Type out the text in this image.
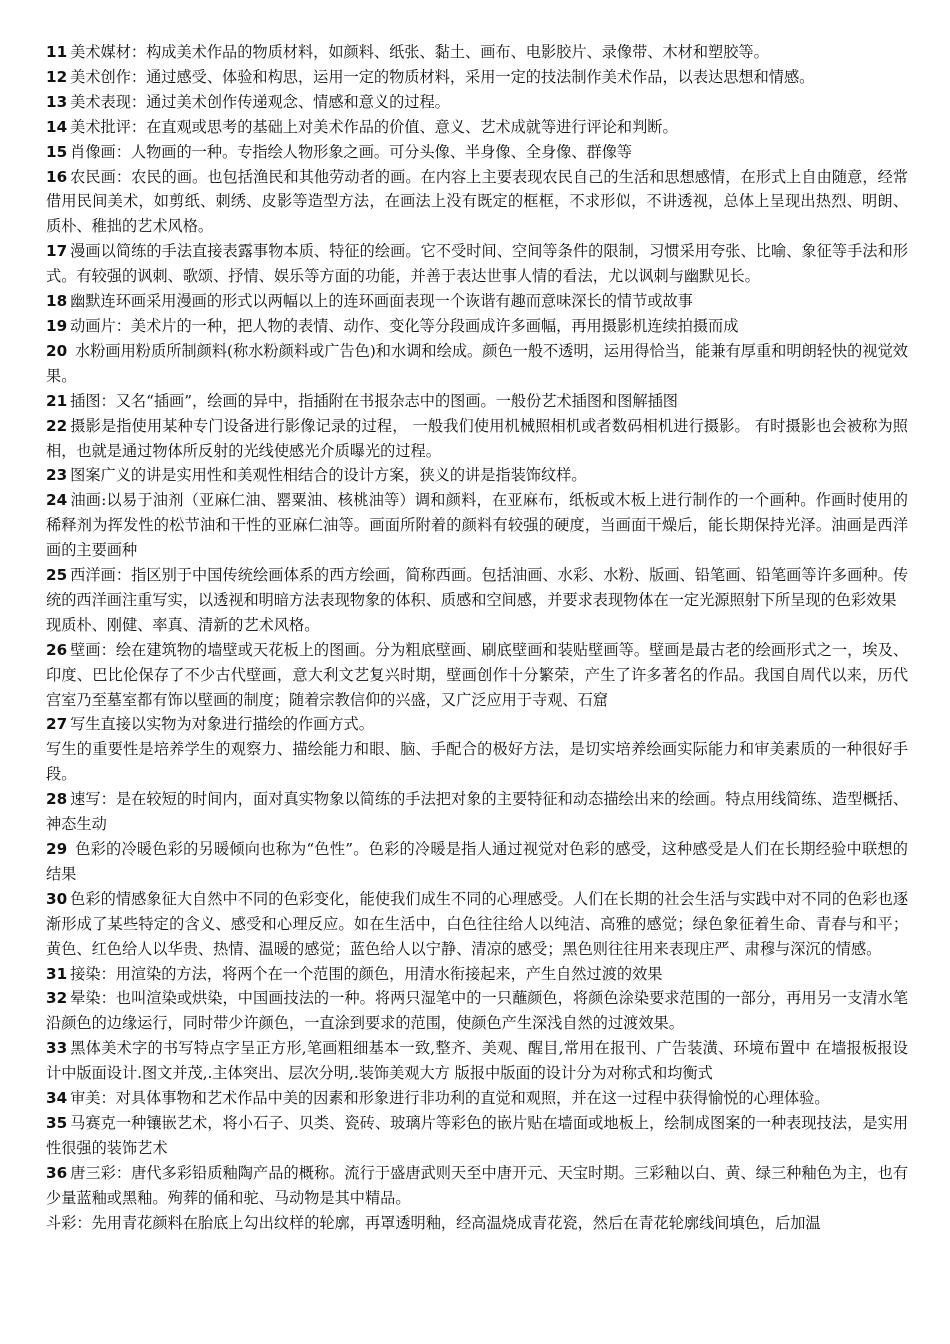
11 美术媒材：构成美术作品的物质材料，如颜料、纸张、黏土、画布、电影胶片、录像带、木材和塑胶等。

12 美术创作：通过感受、体验和构思，运用一定的物质材料，采用一定的技法制作美术作品，以表达思想和情感。

13 美术表现：通过美术创作传递观念、情感和意义的过程。

14 美术批评：在直观或思考的基础上对美术作品的价值、意义、艺术成就等进行评论和判断。

15 肖像画：人物画的一种。专指绘人物形象之画。可分头像、半身像、全身像、群像等

16 农民画：农民的画。也包括渔民和其他劳动者的画。在内容上主要表现农民自己的生活和思想感情，在形式上自由随意，经常借用民间美术，如剪纸、刺绣、皮影等造型方法，在画法上没有既定的框框，不求形似，不讲透视，总体上呈现出热烈、明朗、质朴、稚拙的艺术风格。

17 漫画以简练的手法直接表露事物本质、特征的绘画。它不受时间、空间等条件的限制，习惯采用夸张、比喻、象征等手法和形式。有较强的讽刺、歌颂、抒情、娱乐等方面的功能，并善于表达世事人情的看法，尤以讽刺与幽默见长。

18 幽默连环画采用漫画的形式以两幅以上的连环画面表现一个诙谐有趣而意味深长的情节或故事

19 动画片：美术片的一种，把人物的表情、动作、变化等分段画成许多画幅，再用摄影机连续拍摄而成

20 水粉画用粉质所制颜料(称水粉颜料或广告色)和水调和绘成。颜色一般不透明，运用得恰当，能兼有厚重和明朗轻快的视觉效果。

21 插图：又名“插画”，绘画的异中，指插附在书报杂志中的图画。一般份艺术插图和图解插图

22 摄影是指使用某种专门设备进行影像记录的过程， 一般我们使用机械照相机或者数码相机进行摄影。 有时摄影也会被称为照相，也就是通过物体所反射的光线使感光介质曝光的过程。

23 图案广义的讲是实用性和美观性相结合的设计方案，狭义的讲是指装饰纹样。

24 油画:以易于油剂（亚麻仁油、罂粟油、核桃油等）调和颜料，在亚麻布，纸板或木板上进行制作的一个画种。作画时使用的稀释剂为挥发性的松节油和干性的亚麻仁油等。画面所附着的颜料有较强的硬度，当画面干燥后，能长期保持光泽。油画是西洋画的主要画种

25 西洋画：指区别于中国传统绘画体系的西方绘画，简称西画。包括油画、水彩、水粉、版画、铅笔画、铅笔画等许多画种。传统的西洋画注重写实，以透视和明暗方法表现物象的体积、质感和空间感，并要求表现物体在一定光源照射下所呈现的色彩效果

现质朴、刚健、率真、清新的艺术风格。

26 壁画：绘在建筑物的墙壁或天花板上的图画。分为粗底壁画、刷底壁画和装贴壁画等。壁画是最古老的绘画形式之一，埃及、印度、巴比伦保存了不少古代壁画，意大利文艺复兴时期，壁画创作十分繁荣，产生了许多著名的作品。我国自周代以来，历代宫室乃至墓室都有饰以壁画的制度；随着宗教信仰的兴盛，又广泛应用于寺观、石窟

27 写生直接以实物为对象进行描绘的作画方式。

写生的重要性是培养学生的观察力、描绘能力和眼、脑、手配合的极好方法，是切实培养绘画实际能力和审美素质的一种很好手段。

28 速写：是在较短的时间内，面对真实物象以简练的手法把对象的主要特征和动态描绘出来的绘画。特点用线简练、造型概括、神态生动

29 色彩的冷暖色彩的另暖倾向也称为“色性”。色彩的冷暖是指人通过视觉对色彩的感受，这种感受是人们在长期经验中联想的结果

30 色彩的情感象征大自然中不同的色彩变化，能使我们成生不同的心理感受。人们在长期的社会生活与实践中对不同的色彩也逐渐形成了某些特定的含义、感受和心理反应。如在生活中，白色往往给人以纯洁、高雅的感觉；绿色象征着生命、青春与和平；黄色、红色给人以华贵、热情、温暖的感觉；蓝色给人以宁静、清凉的感受；黑色则往往用来表现庄严、肃穆与深沉的情感。

31 接染：用渲染的方法，将两个在一个范围的颜色，用清水衔接起来，产生自然过渡的效果

32 晕染：也叫渲染或烘染，中国画技法的一种。将两只湿笔中的一只蘸颜色，将颜色涂染要求范围的一部分，再用另一支清水笔沿颜色的边缘运行，同时带少许颜色，一直涂到要求的范围，使颜色产生深浅自然的过渡效果。

33 黑体美术字的书写特点字呈正方形,笔画粗细基本一致,整齐、美观、醒目,常用在报刊、广告装潢、环境布置中 在墙报板报设计中版面设计.图文并茂,.主体突出、层次分明,.装饰美观大方 版报中版面的设计分为对称式和均衡式

34 审美：对具体事物和艺术作品中美的因素和形象进行非功利的直觉和观照，并在这一过程中获得愉悦的心理体验。

35 马赛克一种镶嵌艺术，将小石子、贝类、瓷砖、玻璃片等彩色的嵌片贴在墙面或地板上，绘制成图案的一种表现技法，是实用性很强的装饰艺术

36 唐三彩：唐代多彩铅质釉陶产品的概称。流行于盛唐武则天至中唐开元、天宝时期。三彩釉以白、黄、绿三种釉色为主，也有少量蓝釉或黑釉。殉葬的俑和驼、马动物是其中精品。

斗彩：先用青花颜料在胎底上勾出纹样的轮廓，再罩透明釉，经高温烧成青花瓷，然后在青花轮廓线间填色，后加温
